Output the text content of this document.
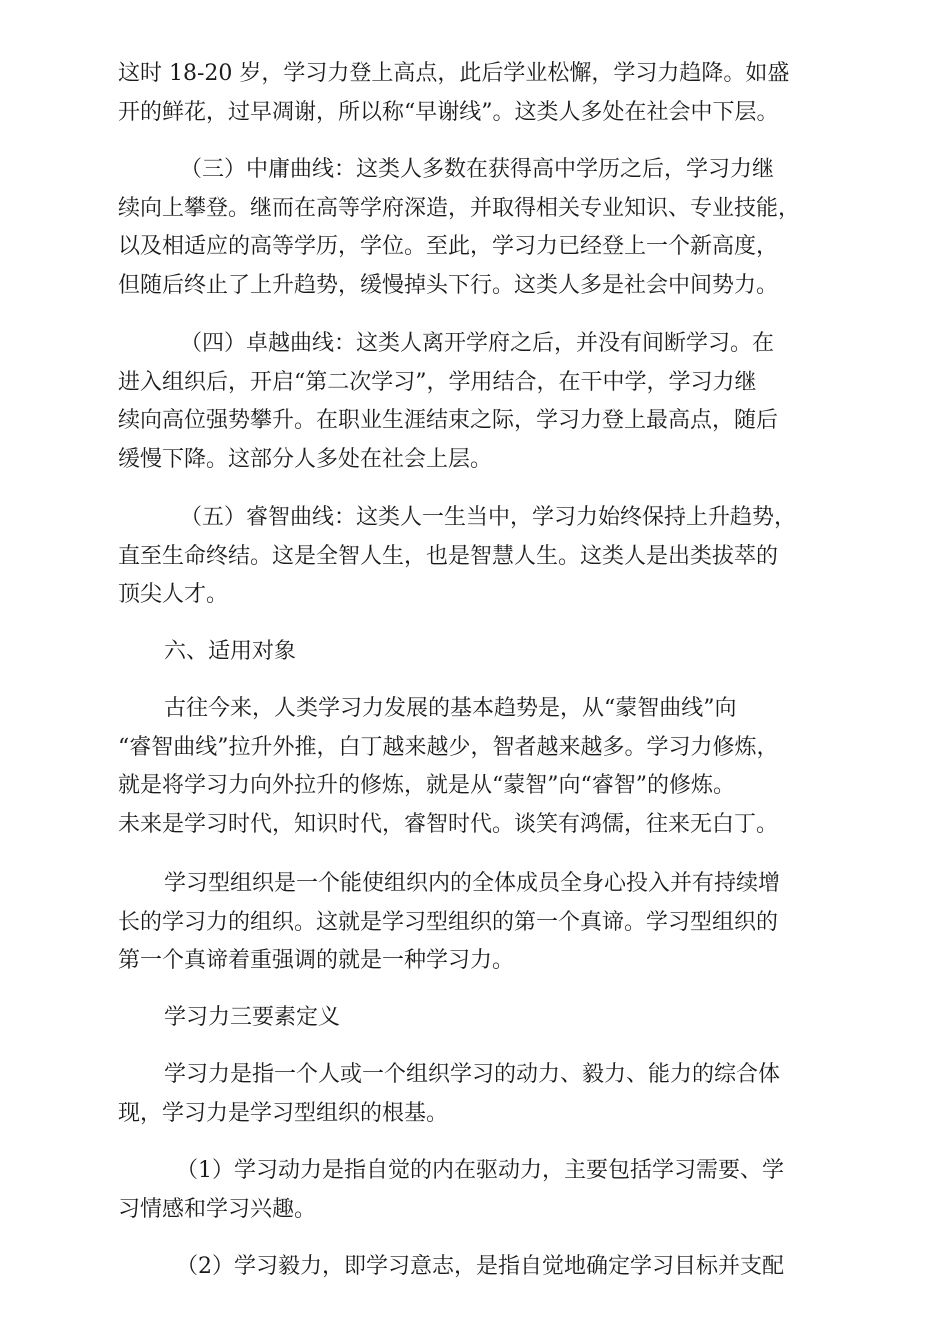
这时 18-20 岁，学习力登上高点，此后学业松懈，学习力趋降。如盛
开的鲜花，过早凋谢，所以称“早谢线”。这类人多处在社会中下层。

（三）中庸曲线：这类人多数在获得高中学历之后，学习力继
续向上攀登。继而在高等学府深造，并取得相关专业知识、专业技能，
以及相适应的高等学历，学位。至此，学习力已经登上一个新高度，
但随后终止了上升趋势，缓慢掉头下行。这类人多是社会中间势力。

（四）卓越曲线：这类人离开学府之后，并没有间断学习。在
进入组织后，开启“第二次学习”，学用结合，在干中学，学习力继
续向高位强势攀升。在职业生涯结束之际，学习力登上最高点，随后
缓慢下降。这部分人多处在社会上层。

（五）睿智曲线：这类人一生当中，学习力始终保持上升趋势，
直至生命终结。这是全智人生，也是智慧人生。这类人是出类拔萃的
顶尖人才。

六、适用对象

古往今来，人类学习力发展的基本趋势是，从“蒙智曲线”向
“睿智曲线”拉升外推，白丁越来越少，智者越来越多。学习力修炼，
就是将学习力向外拉升的修炼，就是从“蒙智”向“睿智”的修炼。
未来是学习时代，知识时代，睿智时代。谈笑有鸿儒，往来无白丁。

学习型组织是一个能使组织内的全体成员全身心投入并有持续增
长的学习力的组织。这就是学习型组织的第一个真谛。学习型组织的
第一个真谛着重强调的就是一种学习力。

学习力三要素定义

学习力是指一个人或一个组织学习的动力、毅力、能力的综合体
现，学习力是学习型组织的根基。

（1）学习动力是指自觉的内在驱动力，主要包括学习需要、学
习情感和学习兴趣。

（2）学习毅力，即学习意志，是指自觉地确定学习目标并支配
